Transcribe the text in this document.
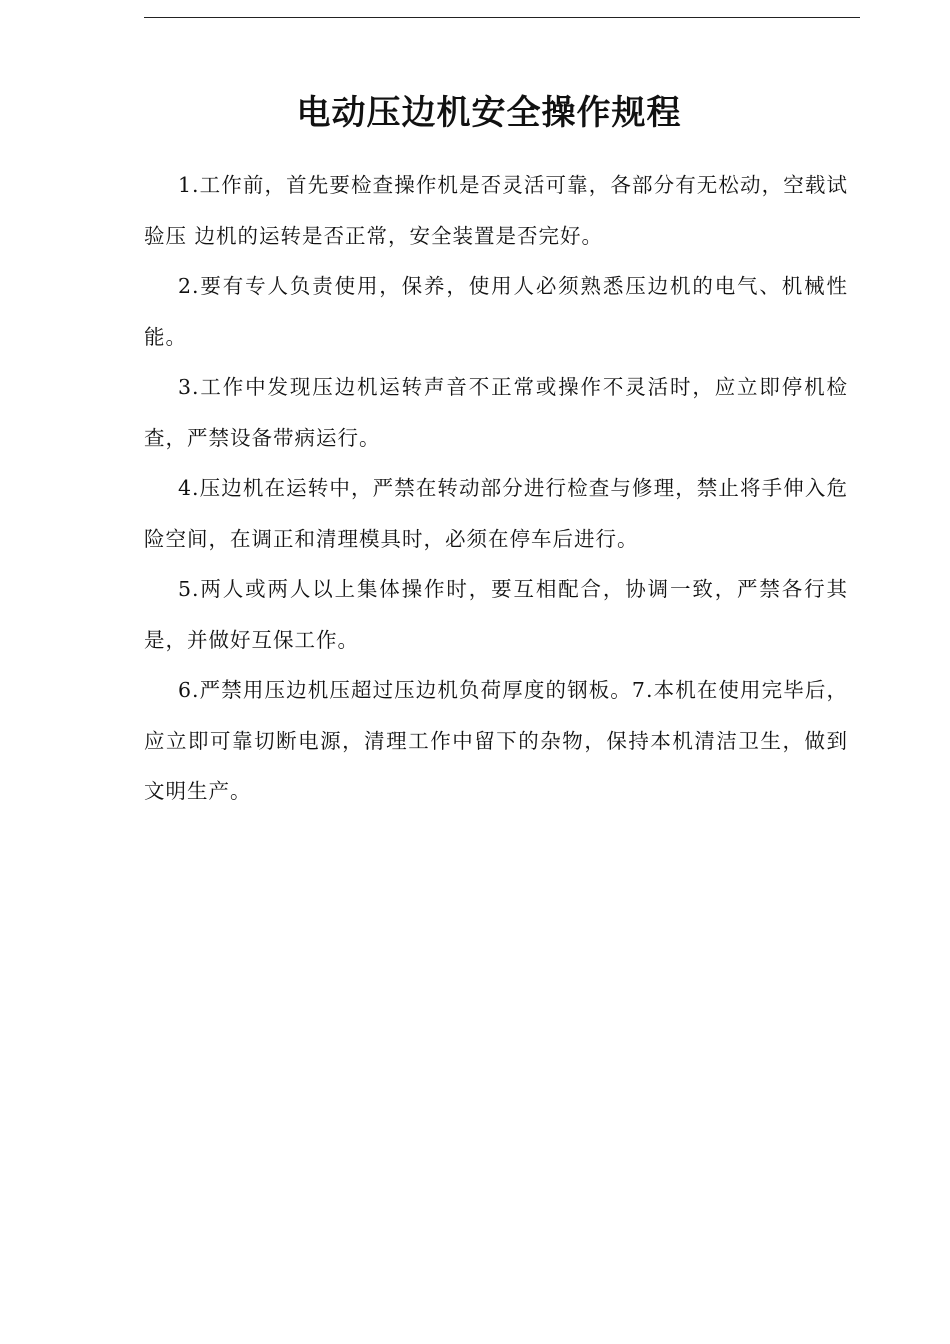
电动压边机安全操作规程

1.工作前，首先要检查操作机是否灵活可靠，各部分有无松动，空载试验压 边机的运转是否正常，安全装置是否完好。

2.要有专人负责使用，保养，使用人必须熟悉压边机的电气、机械性能。

3.工作中发现压边机运转声音不正常或操作不灵活时，应立即停机检查，严禁设备带病运行。

4.压边机在运转中，严禁在转动部分进行检查与修理，禁止将手伸入危险空间，在调正和清理模具时，必须在停车后进行。

5.两人或两人以上集体操作时，要互相配合，协调一致，严禁各行其是，并做好互保工作。

6.严禁用压边机压超过压边机负荷厚度的钢板。7.本机在使用完毕后，应立即可靠切断电源，清理工作中留下的杂物，保持本机清洁卫生，做到文明生产。
